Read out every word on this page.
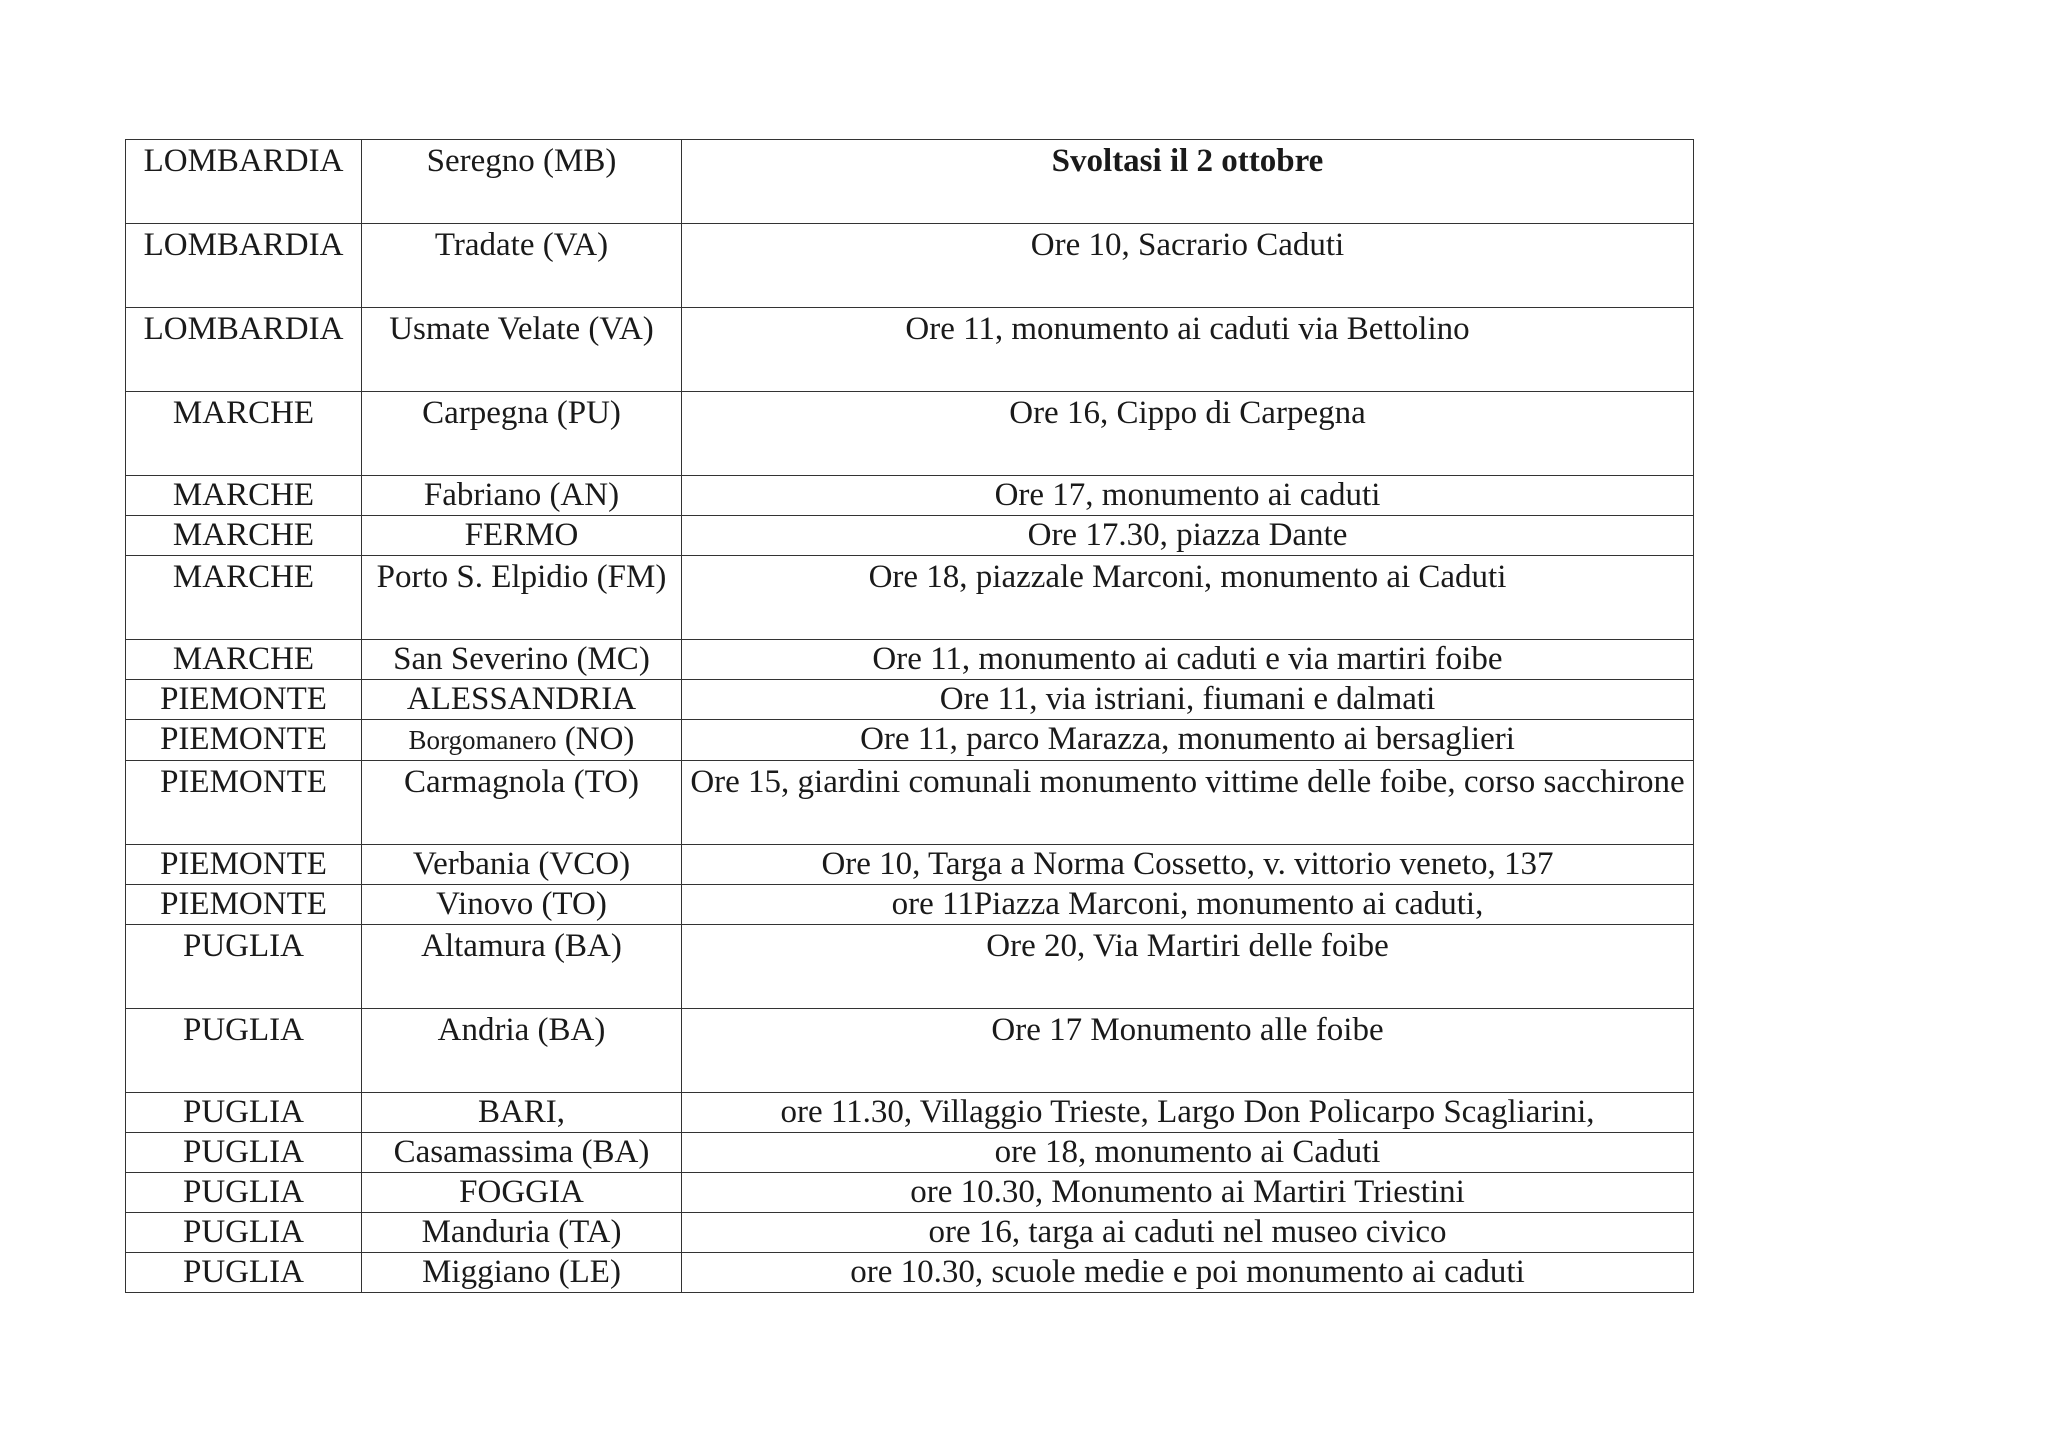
LOMBARDIA	Seregno (MB)	Svoltasi il 2 ottobre
LOMBARDIA	Tradate (VA)	Ore 10, Sacrario Caduti
LOMBARDIA	Usmate Velate (VA)	Ore 11, monumento ai caduti via Bettolino
MARCHE	Carpegna (PU)	Ore 16, Cippo di Carpegna
MARCHE	Fabriano (AN)	Ore 17, monumento ai caduti
MARCHE	FERMO	Ore 17.30, piazza Dante
MARCHE	Porto S. Elpidio (FM)	Ore 18, piazzale Marconi, monumento ai Caduti
MARCHE	San Severino (MC)	Ore 11, monumento ai caduti e via martiri foibe
PIEMONTE	ALESSANDRIA	Ore 11, via istriani, fiumani e dalmati
PIEMONTE	Borgomanero (NO)	Ore 11, parco Marazza, monumento ai bersaglieri
PIEMONTE	Carmagnola (TO)	Ore 15, giardini comunali monumento vittime delle foibe, corso sacchirone
PIEMONTE	Verbania (VCO)	Ore 10, Targa a Norma Cossetto, v. vittorio veneto, 137
PIEMONTE	Vinovo (TO)	ore 11Piazza Marconi, monumento ai caduti,
PUGLIA	Altamura (BA)	Ore 20, Via Martiri delle foibe
PUGLIA	Andria (BA)	Ore 17 Monumento alle foibe
PUGLIA	BARI,	ore 11.30, Villaggio Trieste, Largo Don Policarpo Scagliarini,
PUGLIA	Casamassima (BA)	ore 18, monumento ai Caduti
PUGLIA	FOGGIA	ore 10.30, Monumento ai Martiri Triestini
PUGLIA	Manduria (TA)	ore 16, targa ai caduti nel museo civico
PUGLIA	Miggiano (LE)	ore 10.30, scuole medie e poi monumento ai caduti
